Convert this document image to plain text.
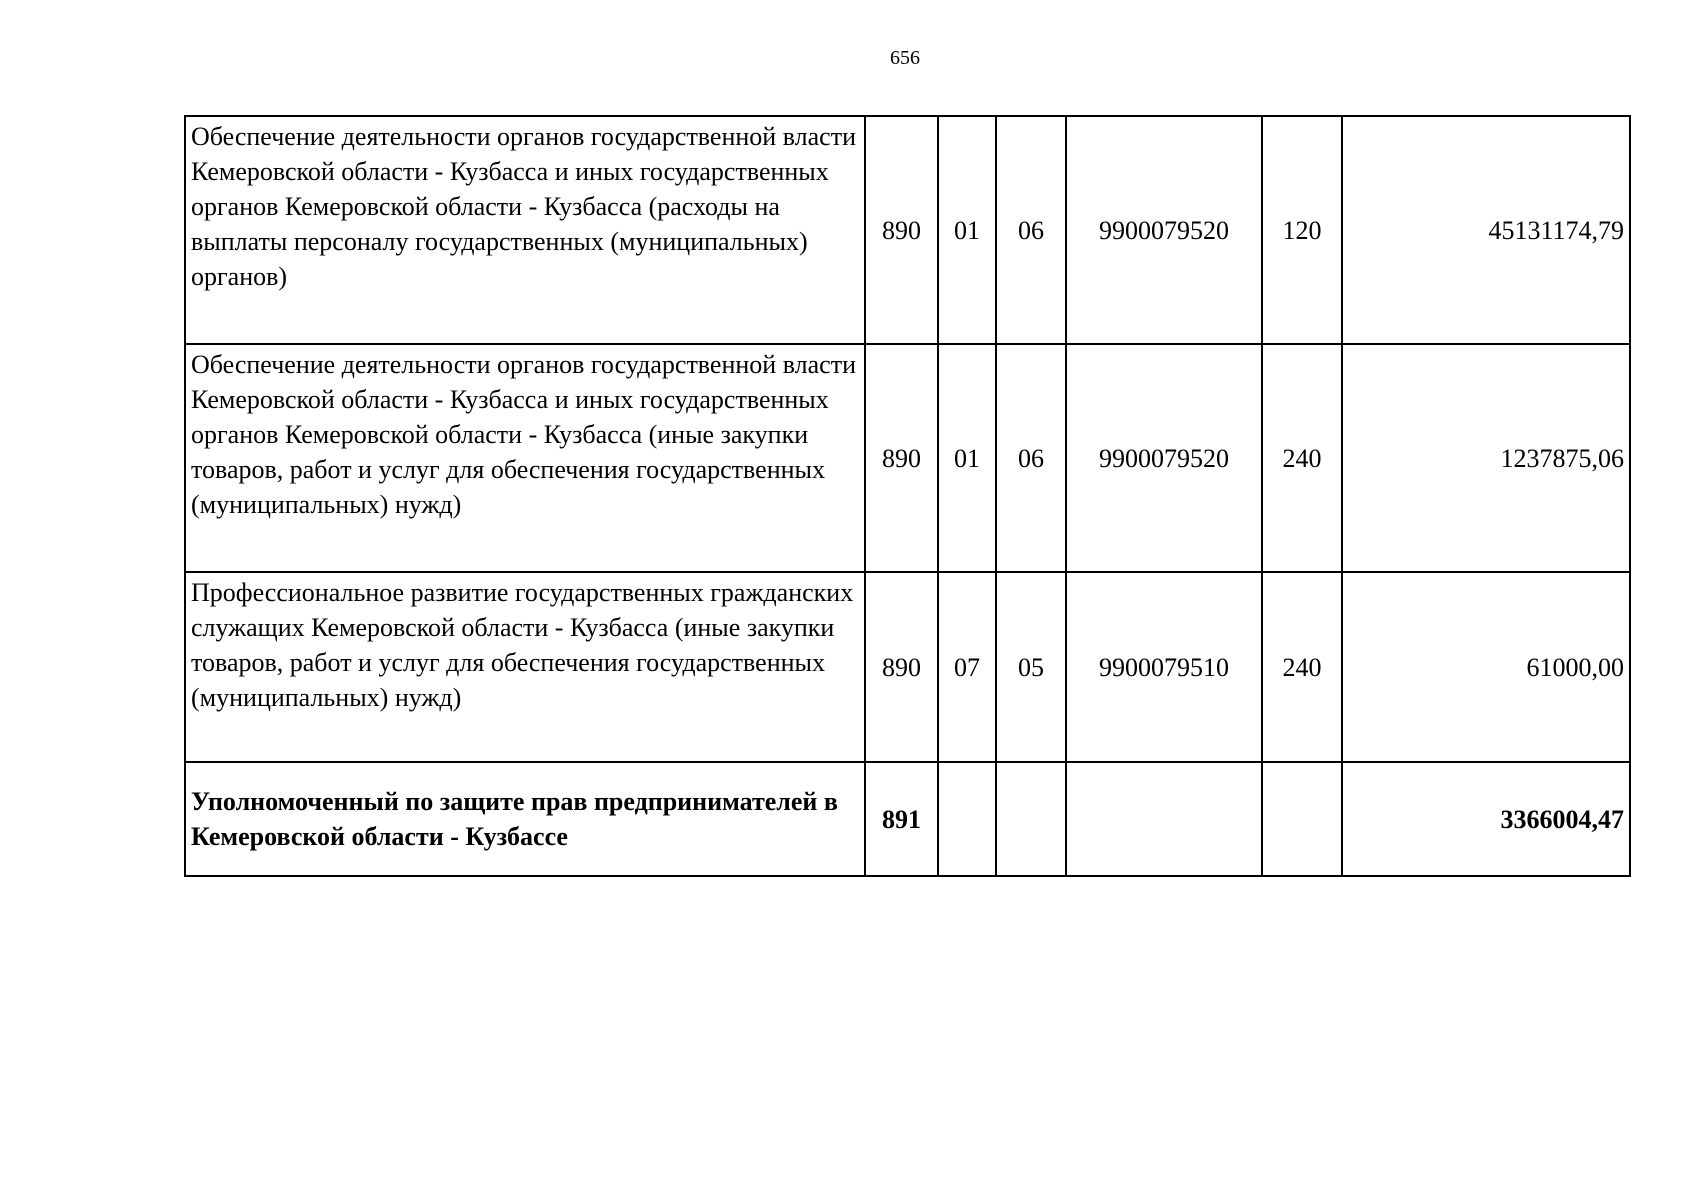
656
Обеспечение деятельности органов государственной власти Кемеровской области - Кузбасса и иных государственных органов Кемеровской области - Кузбасса (расходы на выплаты персоналу государственных (муниципальных) органов)	890	01	06	9900079520	120	45131174,79
Обеспечение деятельности органов государственной власти Кемеровской области - Кузбасса и иных государственных органов Кемеровской области - Кузбасса (иные закупки товаров, работ и услуг для обеспечения государственных (муниципальных) нужд)	890	01	06	9900079520	240	1237875,06
Профессиональное развитие государственных гражданских служащих Кемеровской области - Кузбасса (иные закупки товаров, работ и услуг для обеспечения государственных (муниципальных) нужд)	890	07	05	9900079510	240	61000,00
Уполномоченный по защите прав предпринимателей в Кемеровской области - Кузбассе	891					3366004,47
